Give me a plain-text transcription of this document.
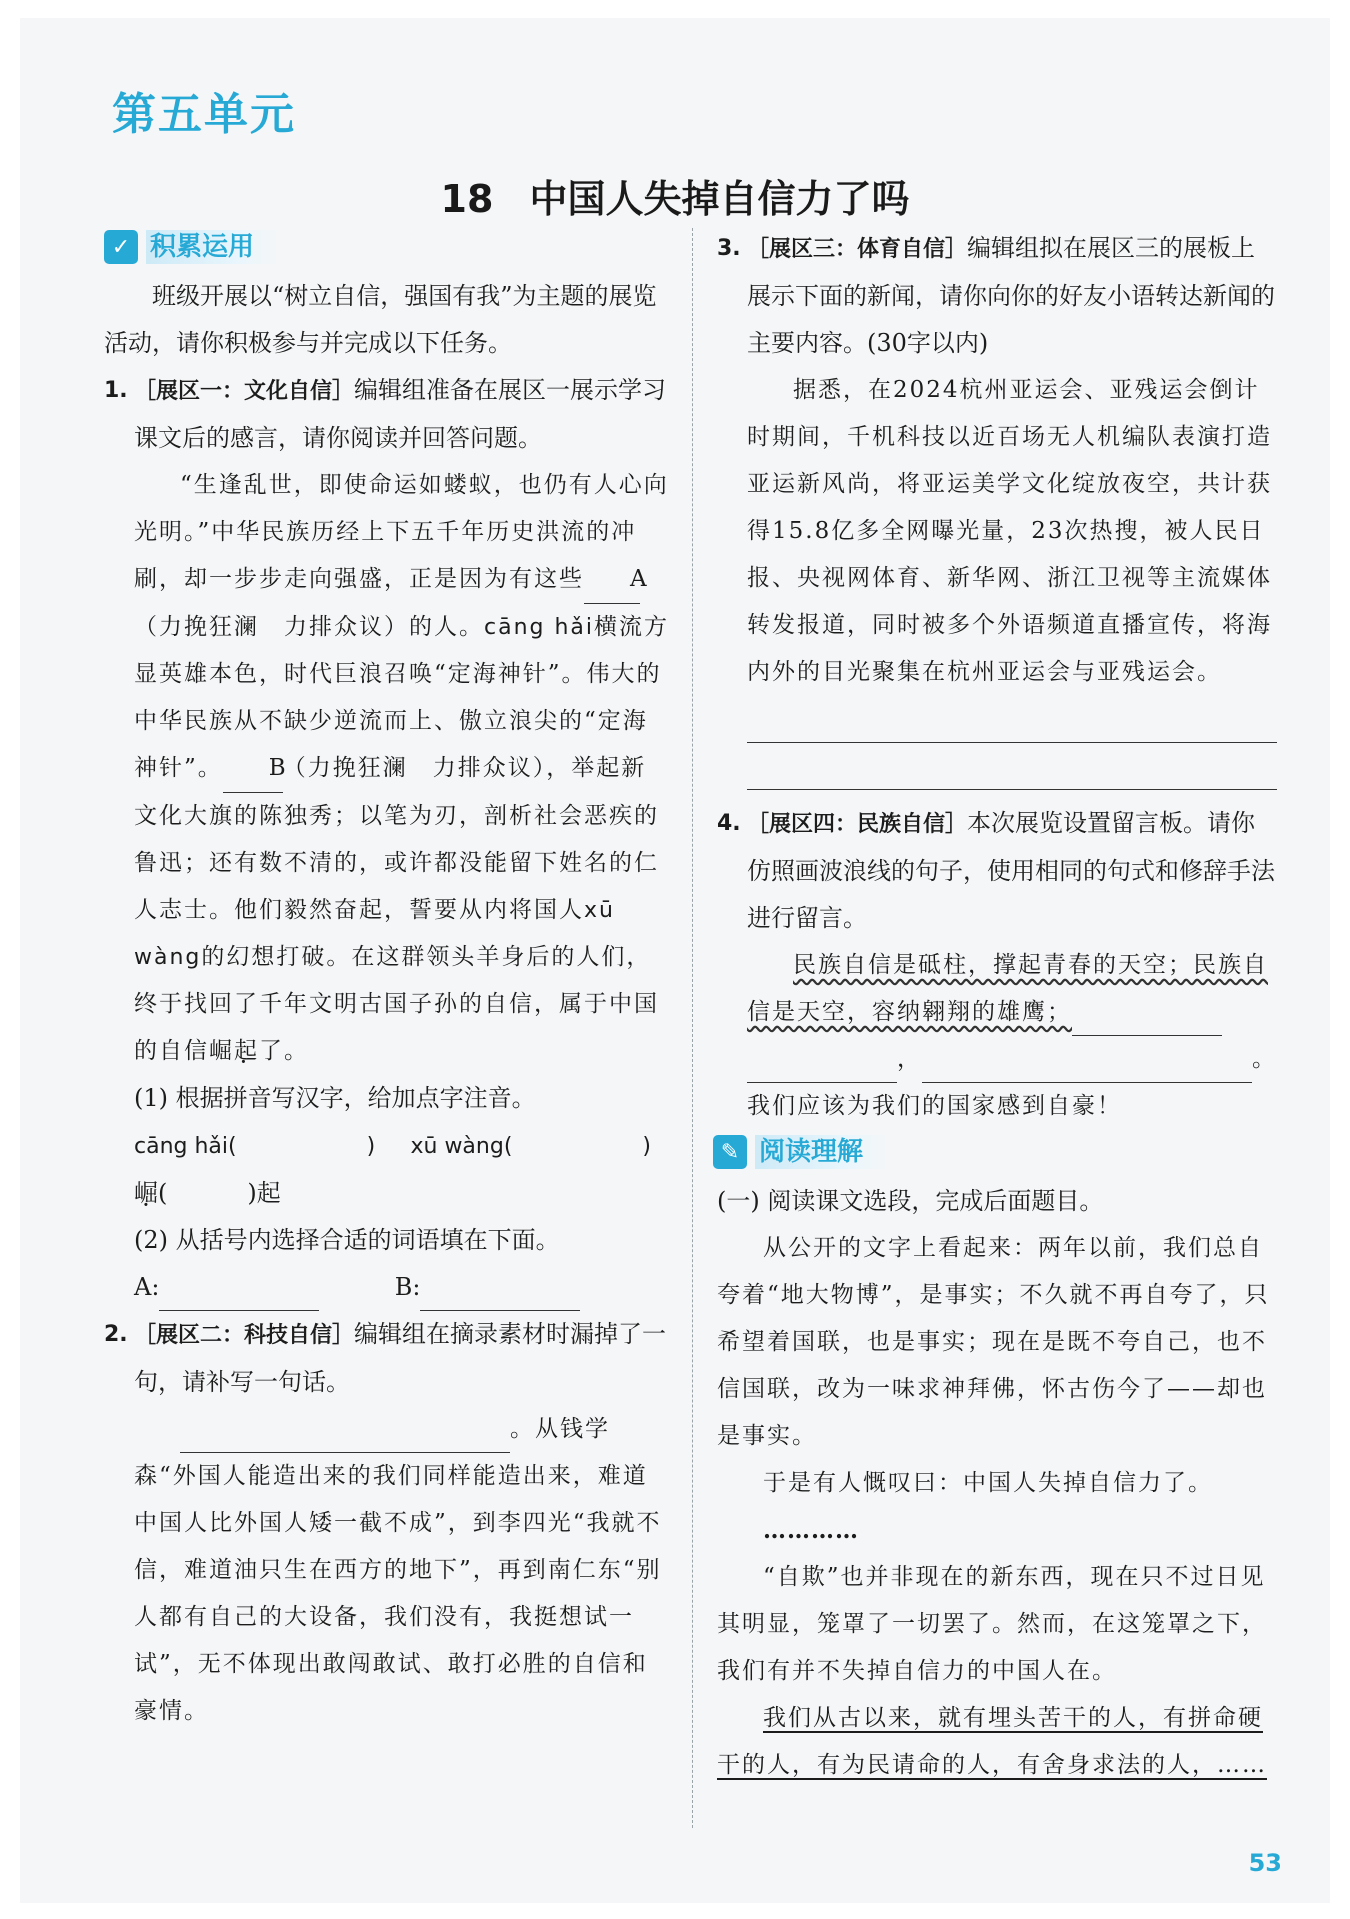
第五单元
18 中国人失掉自信力了吗
✓ 积累运用

班级开展以“树立自信，强国有我”为主题的展览活动，请你积极参与并完成以下任务。

1. ［展区一：文化自信］编辑组准备在展区一展示学习课文后的感言，请你阅读并回答问题。

“生逢乱世，即使命运如蝼蚁，也仍有人心向光明。”中华民族历经上下五千年历史洪流的冲刷，却一步步走向强盛，正是因为有这些 A（力挽狂澜　力排众议）的人。cāng hǎi横流方显英雄本色，时代巨浪召唤“定海神针”。伟大的中华民族从不缺少逆流而上、傲立浪尖的“定海神针”。 B（力挽狂澜　力排众议），举起新文化大旗的陈独秀；以笔为刃，剖析社会恶疾的鲁迅；还有数不清的，或许都没能留下姓名的仁人志士。他们毅然奋起，誓要从内将国人xū wàng的幻想打破。在这群领头羊身后的人们，终于找回了千年文明古国子孙的自信，属于中国的自信崛起了。

(1) 根据拼音写汉字，给加点字注音。

cāng hǎi(	) xū wàng(	)

崛(	)起

(2) 从括号内选择合适的词语填在下面。

A:	B:

2. ［展区二：科技自信］编辑组在摘录素材时漏掉了一句，请补写一句话。

。从钱学森“外国人能造出来的我们同样能造出来，难道中国人比外国人矮一截不成”，到李四光“我就不信，难道油只生在西方的地下”，再到南仁东“别人都有自己的大设备，我们没有，我挺想试一试”，无不体现出敢闯敢试、敢打必胜的自信和豪情。

3. ［展区三：体育自信］编辑组拟在展区三的展板上展示下面的新闻，请你向你的好友小语转达新闻的主要内容。(30字以内)

据悉，在2024杭州亚运会、亚残运会倒计时期间，千机科技以近百场无人机编队表演打造亚运新风尚，将亚运美学文化绽放夜空，共计获得15.8亿多全网曝光量，23次热搜，被人民日报、央视网体育、新华网、浙江卫视等主流媒体转发报道，同时被多个外语频道直播宣传，将海内外的目光聚集在杭州亚运会与亚残运会。

4. ［展区四：民族自信］本次展览设置留言板。请你仿照画波浪线的句子，使用相同的句式和修辞手法进行留言。

民族自信是砥柱，撑起青春的天空；民族自信是天空，容纳翱翔的雄鹰；

，	。

我们应该为我们的国家感到自豪！

✎ 阅读理解

(一) 阅读课文选段，完成后面题目。

从公开的文字上看起来：两年以前，我们总自夸着“地大物博”，是事实；不久就不再自夸了，只希望着国联，也是事实；现在是既不夸自己，也不信国联，改为一味求神拜佛，怀古伤今了——却也是事实。

于是有人慨叹曰：中国人失掉自信力了。

…………

“自欺”也并非现在的新东西，现在只不过日见其明显，笼罩了一切罢了。然而，在这笼罩之下，我们有并不失掉自信力的中国人在。

我们从古以来，就有埋头苦干的人，有拼命硬干的人，有为民请命的人，有舍身求法的人，……

53
